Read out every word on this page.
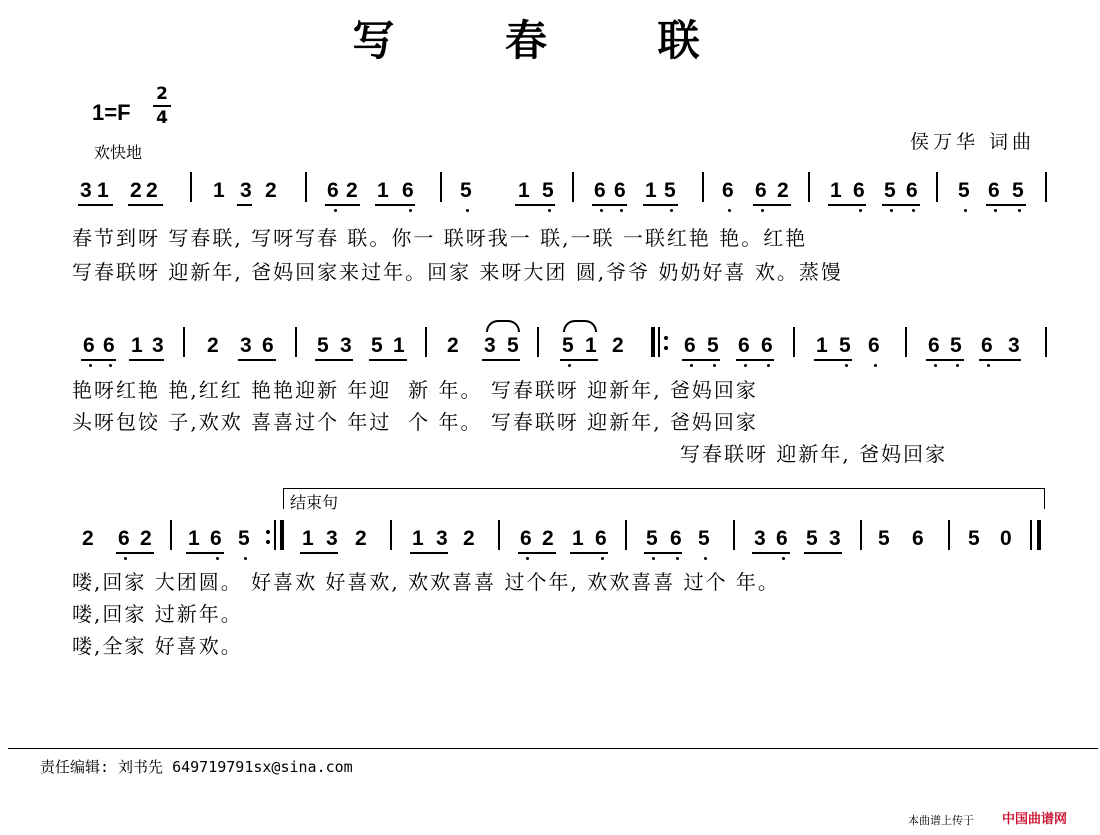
写 春 联
1=F
2
4
欢快地	侯万华 词曲
3 1 2 2	1 3 2 6 2 1 6 5 1 5 6 6 1 5 6 6 2 1 6 5 6 5 6 5
春节到呀 写春联, 写呀写春 联。你一 联呀我一 联,一联 一联红艳 艳。红艳
写春联呀 迎新年, 爸妈回家来过年。回家 来呀大团 圆,爷爷 奶奶好喜 欢。蒸馒
6 6 1 3 2 3 6 5 3 5 1 2 3 5 5 1 2	6 5 6 6 1 5 6 6 5 6 3
艳呀红艳 艳,红红 艳艳迎新 年迎  新 年。 写春联呀 迎新年, 爸妈回家
头呀包饺 子,欢欢 喜喜过个 年过  个 年。 写春联呀 迎新年, 爸妈回家
写春联呀 迎新年, 爸妈回家
结束句
2 6 2 1 6 5 1 3 2 1 3 2 6 2 1 6 5 6 5 3 6 5 3 5 6 5 0
喽,回家 大团圆。 好喜欢 好喜欢, 欢欢喜喜 过个年, 欢欢喜喜 过个 年。
喽,回家 过新年。
喽,全家 好喜欢。
责任编辑: 刘书先 649719791sx@sina.com
本曲谱上传于 中国曲谱网
